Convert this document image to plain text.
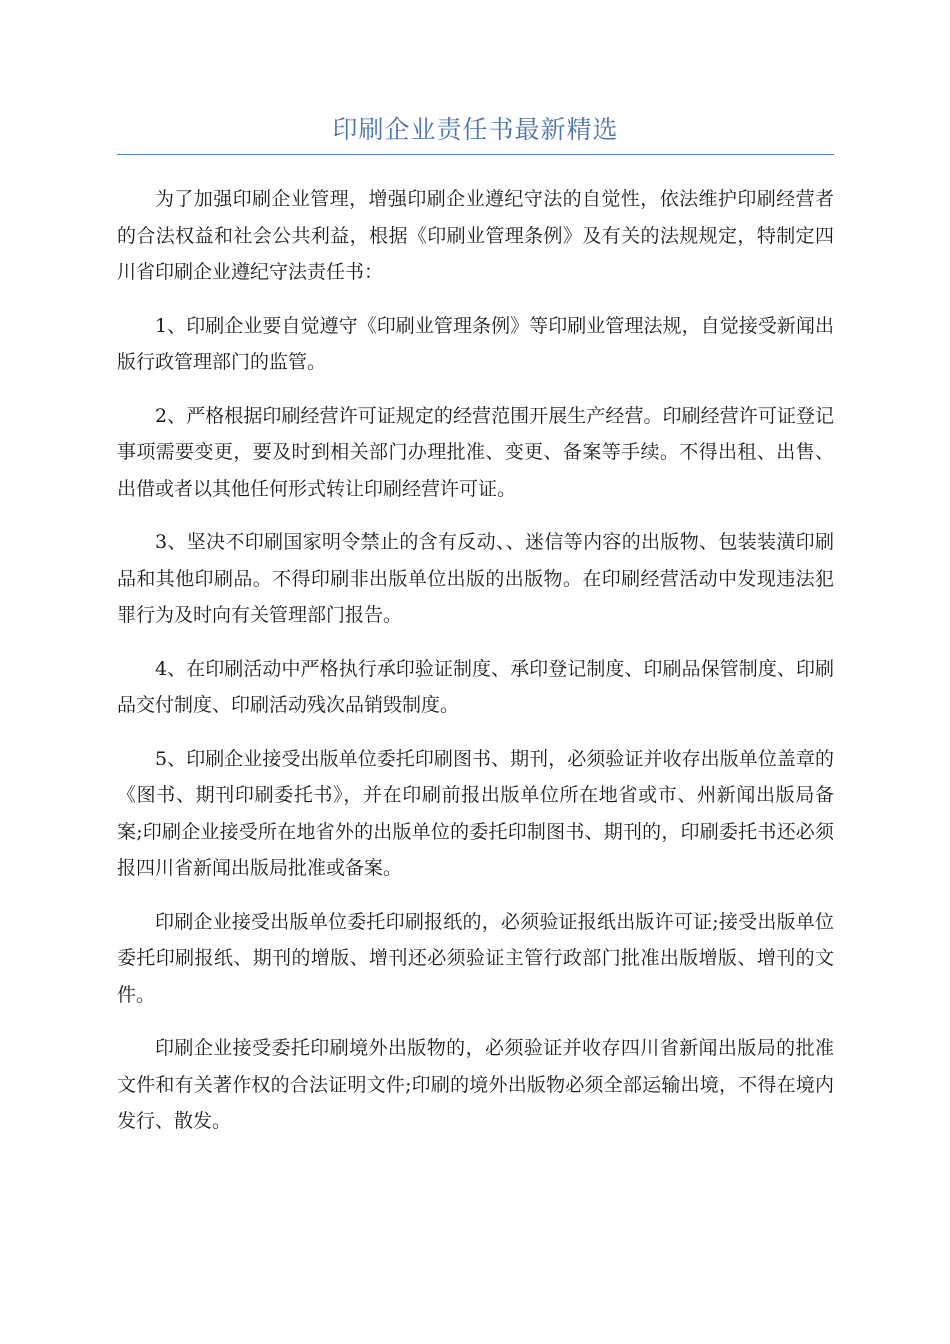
印刷企业责任书最新精选

为了加强印刷企业管理，增强印刷企业遵纪守法的自觉性，依法维护印刷经营者的合法权益和社会公共利益，根据《印刷业管理条例》及有关的法规规定，特制定四川省印刷企业遵纪守法责任书：

1、印刷企业要自觉遵守《印刷业管理条例》等印刷业管理法规，自觉接受新闻出版行政管理部门的监管。

2、严格根据印刷经营许可证规定的经营范围开展生产经营。印刷经营许可证登记事项需要变更，要及时到相关部门办理批准、变更、备案等手续。不得出租、出售、出借或者以其他任何形式转让印刷经营许可证。

3、坚决不印刷国家明令禁止的含有反动、、迷信等内容的出版物、包装装潢印刷品和其他印刷品。不得印刷非出版单位出版的出版物。在印刷经营活动中发现违法犯罪行为及时向有关管理部门报告。

4、在印刷活动中严格执行承印验证制度、承印登记制度、印刷品保管制度、印刷品交付制度、印刷活动残次品销毁制度。

5、印刷企业接受出版单位委托印刷图书、期刊，必须验证并收存出版单位盖章的《图书、期刊印刷委托书》，并在印刷前报出版单位所在地省或市、州新闻出版局备案;印刷企业接受所在地省外的出版单位的委托印制图书、期刊的，印刷委托书还必须报四川省新闻出版局批准或备案。

印刷企业接受出版单位委托印刷报纸的，必须验证报纸出版许可证;接受出版单位委托印刷报纸、期刊的增版、增刊还必须验证主管行政部门批准出版增版、增刊的文件。

印刷企业接受委托印刷境外出版物的，必须验证并收存四川省新闻出版局的批准文件和有关著作权的合法证明文件;印刷的境外出版物必须全部运输出境，不得在境内发行、散发。
